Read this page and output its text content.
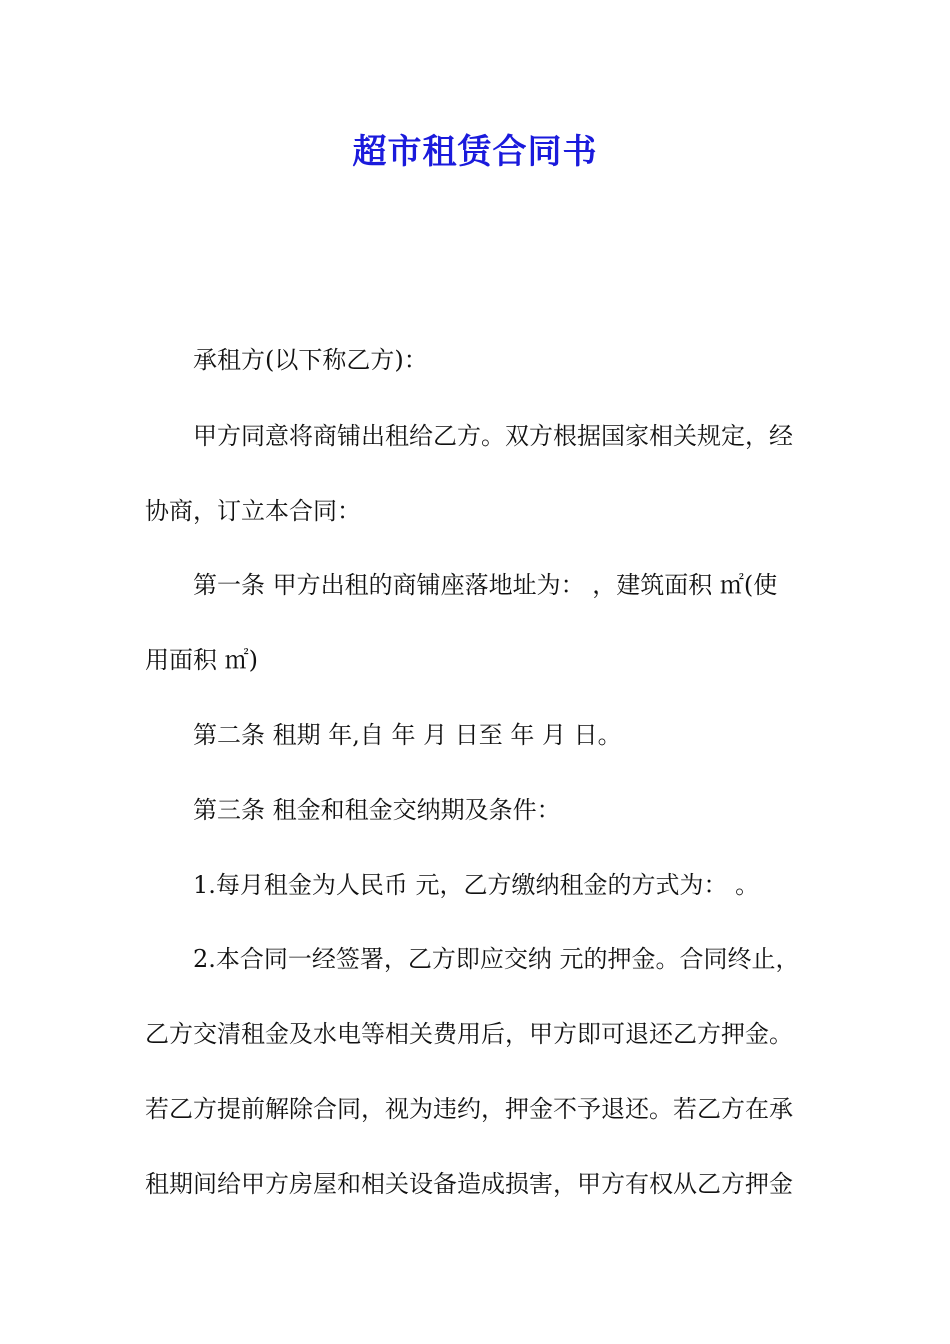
超市租赁合同书
承租方(以下称乙方)：
甲方同意将商铺出租给乙方。双方根据国家相关规定，经
协商，订立本合同：
第一条 甲方出租的商铺座落地址为： ，建筑面积 ㎡(使
用面积 ㎡)
第二条 租期 年,自 年 月 日至 年 月 日。
第三条 租金和租金交纳期及条件：
1.每月租金为人民币 元，乙方缴纳租金的方式为： 。
2.本合同一经签署，乙方即应交纳 元的押金。合同终止，
乙方交清租金及水电等相关费用后，甲方即可退还乙方押金。
若乙方提前解除合同，视为违约，押金不予退还。若乙方在承
租期间给甲方房屋和相关设备造成损害，甲方有权从乙方押金
